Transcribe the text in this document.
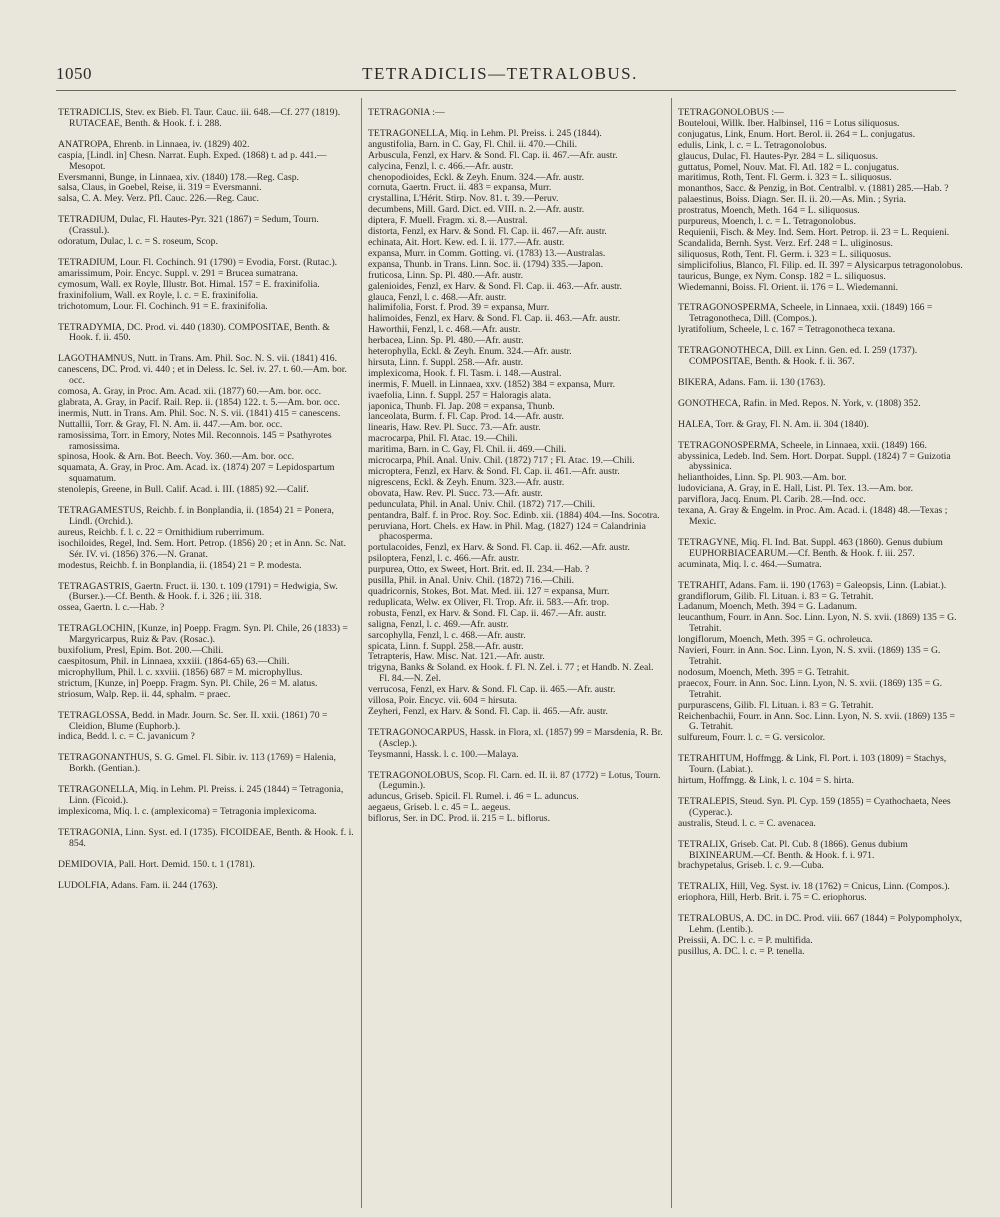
1050	TETRADICLIS—TETRALOBUS.
TETRADICLIS, Stev. ex Bieb. Fl. Taur. Cauc. iii. 648.—Cf. 277 (1819). RUTACEAE, Benth. & Hook. f. i. 288.
ANATROPA, Ehrenb. in Linnaea, iv. (1829) 402.
caspia, [Lindl. in] Chesn. Narrat. Euph. Exped. (1868) t. ad p. 441.—Mesopot.
Eversmanni, Bunge, in Linnaea, xiv. (1840) 178.—Reg. Casp.
salsa, Claus, in Goebel, Reise, ii. 319 = Eversmanni.
salsa, C. A. Mey. Verz. Pfl. Cauc. 226.—Reg. Cauc.
TETRADIUM, Dulac, Fl. Hautes-Pyr. 321 (1867) = Sedum, Tourn. (Crassul.).
odoratum, Dulac, l. c. = S. roseum, Scop.
TETRADIUM, Lour. Fl. Cochinch. 91 (1790) = Evodia, Forst. (Rutac.).
amarissimum, Poir. Encyc. Suppl. v. 291 = Brucea sumatrana.
cymosum, Wall. ex Royle, Illustr. Bot. Himal. 157 = E. fraxinifolia.
fraxinifolium, Wall. ex Royle, l. c. = E. fraxinifolia.
trichotomum, Lour. Fl. Cochinch. 91 = E. fraxinifolia.
TETRADYMIA, DC. Prod. vi. 440 (1830). COMPOSITAE, Benth. & Hook. f. ii. 450.
LAGOTHAMNUS, Nutt. in Trans. Am. Phil. Soc. N. S. vii. (1841) 416.
canescens, DC. Prod. vi. 440 ; et in Deless. Ic. Sel. iv. 27. t. 60.—Am. bor. occ.
comosa, A. Gray, in Proc. Am. Acad. xii. (1877) 60.—Am. bor. occ.
glabrata, A. Gray, in Pacif. Rail. Rep. ii. (1854) 122. t. 5.—Am. bor. occ.
inermis, Nutt. in Trans. Am. Phil. Soc. N. S. vii. (1841) 415 = canescens.
Nuttallii, Torr. & Gray, Fl. N. Am. ii. 447.—Am. bor. occ.
ramosissima, Torr. in Emory, Notes Mil. Reconnois. 145 = Psathyrotes ramosissima.
spinosa, Hook. & Arn. Bot. Beech. Voy. 360.—Am. bor. occ.
squamata, A. Gray, in Proc. Am. Acad. ix. (1874) 207 = Lepidospartum squamatum.
stenolepis, Greene, in Bull. Calif. Acad. i. III. (1885) 92.—Calif.
TETRAGAMESTUS, Reichb. f. in Bonplandia, ii. (1854) 21 = Ponera, Lindl. (Orchid.).
aureus, Reichb. f. l. c. 22 = Ornithidium ruberrimum.
isochiloides, Regel, Ind. Sem. Hort. Petrop. (1856) 20 ; et in Ann. Sc. Nat. Sér. IV. vi. (1856) 376.—N. Granat.
modestus, Reichb. f. in Bonplandia, ii. (1854) 21 = P. modesta.
TETRAGASTRIS, Gaertn. Fruct. ii. 130. t. 109 (1791) = Hedwigia, Sw. (Burser.).—Cf. Benth. & Hook. f. i. 326 ; iii. 318.
ossea, Gaertn. l. c.—Hab. ?
TETRAGLOCHIN, [Kunze, in] Poepp. Fragm. Syn. Pl. Chile, 26 (1833) = Margyricarpus, Ruiz & Pav. (Rosac.).
buxifolium, Presl, Epim. Bot. 200.—Chili.
caespitosum, Phil. in Linnaea, xxxiii. (1864-65) 63.—Chili.
microphyllum, Phil. l. c. xxviii. (1856) 687 = M. microphyllus.
strictum, [Kunze, in] Poepp. Fragm. Syn. Pl. Chile, 26 = M. alatus.
striosum, Walp. Rep. ii. 44, sphalm. = praec.
TETRAGLOSSA, Bedd. in Madr. Journ. Sc. Ser. II. xxii. (1861) 70 = Cleidion, Blume (Euphorb.).
indica, Bedd. l. c. = C. javanicum ?
TETRAGONANTHUS, S. G. Gmel. Fl. Sibir. iv. 113 (1769) = Halenia, Borkh. (Gentian.).
TETRAGONELLA, Miq. in Lehm. Pl. Preiss. i. 245 (1844) = Tetragonia, Linn. (Ficoid.).
implexicoma, Miq. l. c. (amplexicoma) = Tetragonia implexicoma.
TETRAGONIA, Linn. Syst. ed. I (1735). FICOIDEAE, Benth. & Hook. f. i. 854.
DEMIDOVIA, Pall. Hort. Demid. 150. t. 1 (1781).
LUDOLFIA, Adans. Fam. ii. 244 (1763).
TETRAGONIA :—
TETRAGONELLA, Miq. in Lehm. Pl. Preiss. i. 245 (1844).
angustifolia, Barn. in C. Gay, Fl. Chil. ii. 470.—Chili.
Arbuscula, Fenzl, ex Harv. & Sond. Fl. Cap. ii. 467.—Afr. austr.
calycina, Fenzl, l. c. 466.—Afr. austr.
chenopodioides, Eckl. & Zeyh. Enum. 324.—Afr. austr.
cornuta, Gaertn. Fruct. ii. 483 = expansa, Murr.
crystallina, L'Hérit. Stirp. Nov. 81. t. 39.—Peruv.
decumbens, Mill. Gard. Dict. ed. VIII. n. 2.—Afr. austr.
diptera, F. Muell. Fragm. xi. 8.—Austral.
distorta, Fenzl, ex Harv. & Sond. Fl. Cap. ii. 467.—Afr. austr.
echinata, Ait. Hort. Kew. ed. I. ii. 177.—Afr. austr.
expansa, Murr. in Comm. Gotting. vi. (1783) 13.—Australas.
expansa, Thunb. in Trans. Linn. Soc. ii. (1794) 335.—Japon.
fruticosa, Linn. Sp. Pl. 480.—Afr. austr.
galenioides, Fenzl, ex Harv. & Sond. Fl. Cap. ii. 463.—Afr. austr.
glauca, Fenzl, l. c. 468.—Afr. austr.
halimifolia, Forst. f. Prod. 39 = expansa, Murr.
halimoides, Fenzl, ex Harv. & Sond. Fl. Cap. ii. 463.—Afr. austr.
Haworthii, Fenzl, l. c. 468.—Afr. austr.
herbacea, Linn. Sp. Pl. 480.—Afr. austr.
heterophylla, Eckl. & Zeyh. Enum. 324.—Afr. austr.
hirsuta, Linn. f. Suppl. 258.—Afr. austr.
implexicoma, Hook. f. Fl. Tasm. i. 148.—Austral.
inermis, F. Muell. in Linnaea, xxv. (1852) 384 = expansa, Murr.
ivaefolia, Linn. f. Suppl. 257 = Haloragis alata.
japonica, Thunb. Fl. Jap. 208 = expansa, Thunb.
lanceolata, Burm. f. Fl. Cap. Prod. 14.—Afr. austr.
linearis, Haw. Rev. Pl. Succ. 73.—Afr. austr.
macrocarpa, Phil. Fl. Atac. 19.—Chili.
maritima, Barn. in C. Gay, Fl. Chil. ii. 469.—Chili.
microcarpa, Phil. Anal. Univ. Chil. (1872) 717 ; Fl. Atac. 19.—Chili.
microptera, Fenzl, ex Harv. & Sond. Fl. Cap. ii. 461.—Afr. austr.
nigrescens, Eckl. & Zeyh. Enum. 323.—Afr. austr.
obovata, Haw. Rev. Pl. Succ. 73.—Afr. austr.
pedunculata, Phil. in Anal. Univ. Chil. (1872) 717.—Chili.
pentandra, Balf. f. in Proc. Roy. Soc. Edinb. xii. (1884) 404.—Ins. Socotra.
peruviana, Hort. Chels. ex Haw. in Phil. Mag. (1827) 124 = Calandrinia phacosperma.
portulacoides, Fenzl, ex Harv. & Sond. Fl. Cap. ii. 462.—Afr. austr.
psiloptera, Fenzl, l. c. 466.—Afr. austr.
purpurea, Otto, ex Sweet, Hort. Brit. ed. II. 234.—Hab. ?
pusilla, Phil. in Anal. Univ. Chil. (1872) 716.—Chili.
quadricornis, Stokes, Bot. Mat. Med. iii. 127 = expansa, Murr.
reduplicata, Welw. ex Oliver, Fl. Trop. Afr. ii. 583.—Afr. trop.
robusta, Fenzl, ex Harv. & Sond. Fl. Cap. ii. 467.—Afr. austr.
saligna, Fenzl, l. c. 469.—Afr. austr.
sarcophylla, Fenzl, l. c. 468.—Afr. austr.
spicata, Linn. f. Suppl. 258.—Afr. austr.
Tetrapteris, Haw. Misc. Nat. 121.—Afr. austr.
trigyna, Banks & Soland. ex Hook. f. Fl. N. Zel. i. 77 ; et Handb. N. Zeal. Fl. 84.—N. Zel.
verrucosa, Fenzl, ex Harv. & Sond. Fl. Cap. ii. 465.—Afr. austr.
villosa, Poir. Encyc. vii. 604 = hirsuta.
Zeyheri, Fenzl, ex Harv. & Sond. Fl. Cap. ii. 465.—Afr. austr.
TETRAGONOCARPUS, Hassk. in Flora, xl. (1857) 99 = Marsdenia, R. Br. (Asclep.).
Teysmanni, Hassk. l. c. 100.—Malaya.
TETRAGONOLOBUS, Scop. Fl. Carn. ed. II. ii. 87 (1772) = Lotus, Tourn. (Legumin.).
aduncus, Griseb. Spicil. Fl. Rumel. i. 46 = L. aduncus.
aegaeus, Griseb. l. c. 45 = L. aegeus.
biflorus, Ser. in DC. Prod. ii. 215 = L. biflorus.
TETRAGONOLOBUS :—
Bouteloui, Willk. Iber. Halbinsel, 116 = Lotus siliquosus.
conjugatus, Link, Enum. Hort. Berol. ii. 264 = L. conjugatus.
edulis, Link, l. c. = L. Tetragonolobus.
glaucus, Dulac, Fl. Hautes-Pyr. 284 = L. siliquosus.
guttatus, Pomel, Nouv. Mat. Fl. Atl. 182 = L. conjugatus.
maritimus, Roth, Tent. Fl. Germ. i. 323 = L. siliquosus.
monanthos, Sacc. & Penzig, in Bot. Centralbl. v. (1881) 285.—Hab. ?
palaestinus, Boiss. Diagn. Ser. II. ii. 20.—As. Min. ; Syria.
prostratus, Moench, Meth. 164 = L. siliquosus.
purpureus, Moench, l. c. = L. Tetragonolobus.
Requienii, Fisch. & Mey. Ind. Sem. Hort. Petrop. ii. 23 = L. Requieni.
Scandalida, Bernh. Syst. Verz. Erf. 248 = L. uliginosus.
siliquosus, Roth, Tent. Fl. Germ. i. 323 = L. siliquosus.
simplicifolius, Blanco, Fl. Filip. ed. II. 397 = Alysicarpus tetragonolobus.
tauricus, Bunge, ex Nym. Consp. 182 = L. siliquosus.
Wiedemanni, Boiss. Fl. Orient. ii. 176 = L. Wiedemanni.
TETRAGONOSPERMA, Scheele, in Linnaea, xxii. (1849) 166 = Tetragonotheca, Dill. (Compos.).
lyratifolium, Scheele, l. c. 167 = Tetragonotheca texana.
TETRAGONOTHECA, Dill. ex Linn. Gen. ed. I. 259 (1737). COMPOSITAE, Benth. & Hook. f. ii. 367.
BIKERA, Adans. Fam. ii. 130 (1763).
GONOTHECA, Rafin. in Med. Repos. N. York, v. (1808) 352.
HALEA, Torr. & Gray, Fl. N. Am. ii. 304 (1840).
TETRAGONOSPERMA, Scheele, in Linnaea, xxii. (1849) 166.
abyssinica, Ledeb. Ind. Sem. Hort. Dorpat. Suppl. (1824) 7 = Guizotia abyssinica.
helianthoides, Linn. Sp. Pl. 903.—Am. bor.
ludoviciana, A. Gray, in E. Hall, List. Pl. Tex. 13.—Am. bor.
parviflora, Jacq. Enum. Pl. Carib. 28.—Ind. occ.
texana, A. Gray & Engelm. in Proc. Am. Acad. i. (1848) 48.—Texas ; Mexic.
TETRAGYNE, Miq. Fl. Ind. Bat. Suppl. 463 (1860). Genus dubium EUPHORBIACEARUM.—Cf. Benth. & Hook. f. iii. 257.
acuminata, Miq. l. c. 464.—Sumatra.
TETRAHIT, Adans. Fam. ii. 190 (1763) = Galeopsis, Linn. (Labiat.).
grandiflorum, Gilib. Fl. Lituan. i. 83 = G. Tetrahit.
Ladanum, Moench, Meth. 394 = G. Ladanum.
leucanthum, Fourr. in Ann. Soc. Linn. Lyon, N. S. xvii. (1869) 135 = G. Tetrahit.
longiflorum, Moench, Meth. 395 = G. ochroleuca.
Navieri, Fourr. in Ann. Soc. Linn. Lyon, N. S. xvii. (1869) 135 = G. Tetrahit.
nodosum, Moench, Meth. 395 = G. Tetrahit.
praecox, Fourr. in Ann. Soc. Linn. Lyon, N. S. xvii. (1869) 135 = G. Tetrahit.
purpurascens, Gilib. Fl. Lituan. i. 83 = G. Tetrahit.
Reichenbachii, Fourr. in Ann. Soc. Linn. Lyon, N. S. xvii. (1869) 135 = G. Tetrahit.
sulfureum, Fourr. l. c. = G. versicolor.
TETRAHITUM, Hoffmgg. & Link, Fl. Port. i. 103 (1809) = Stachys, Tourn. (Labiat.).
hirtum, Hoffmgg. & Link, l. c. 104 = S. hirta.
TETRALEPIS, Steud. Syn. Pl. Cyp. 159 (1855) = Cyathochaeta, Nees (Cyperac.).
australis, Steud. l. c. = C. avenacea.
TETRALIX, Griseb. Cat. Pl. Cub. 8 (1866). Genus dubium BIXINEARUM.—Cf. Benth. & Hook. f. i. 971.
brachypetalus, Griseb. l. c. 9.—Cuba.
TETRALIX, Hill, Veg. Syst. iv. 18 (1762) = Cnicus, Linn. (Compos.).
eriophora, Hill, Herb. Brit. i. 75 = C. eriophorus.
TETRALOBUS, A. DC. in DC. Prod. viii. 667 (1844) = Polypompholyx, Lehm. (Lentib.).
Preissii, A. DC. l. c. = P. multifida.
pusillus, A. DC. l. c. = P. tenella.
